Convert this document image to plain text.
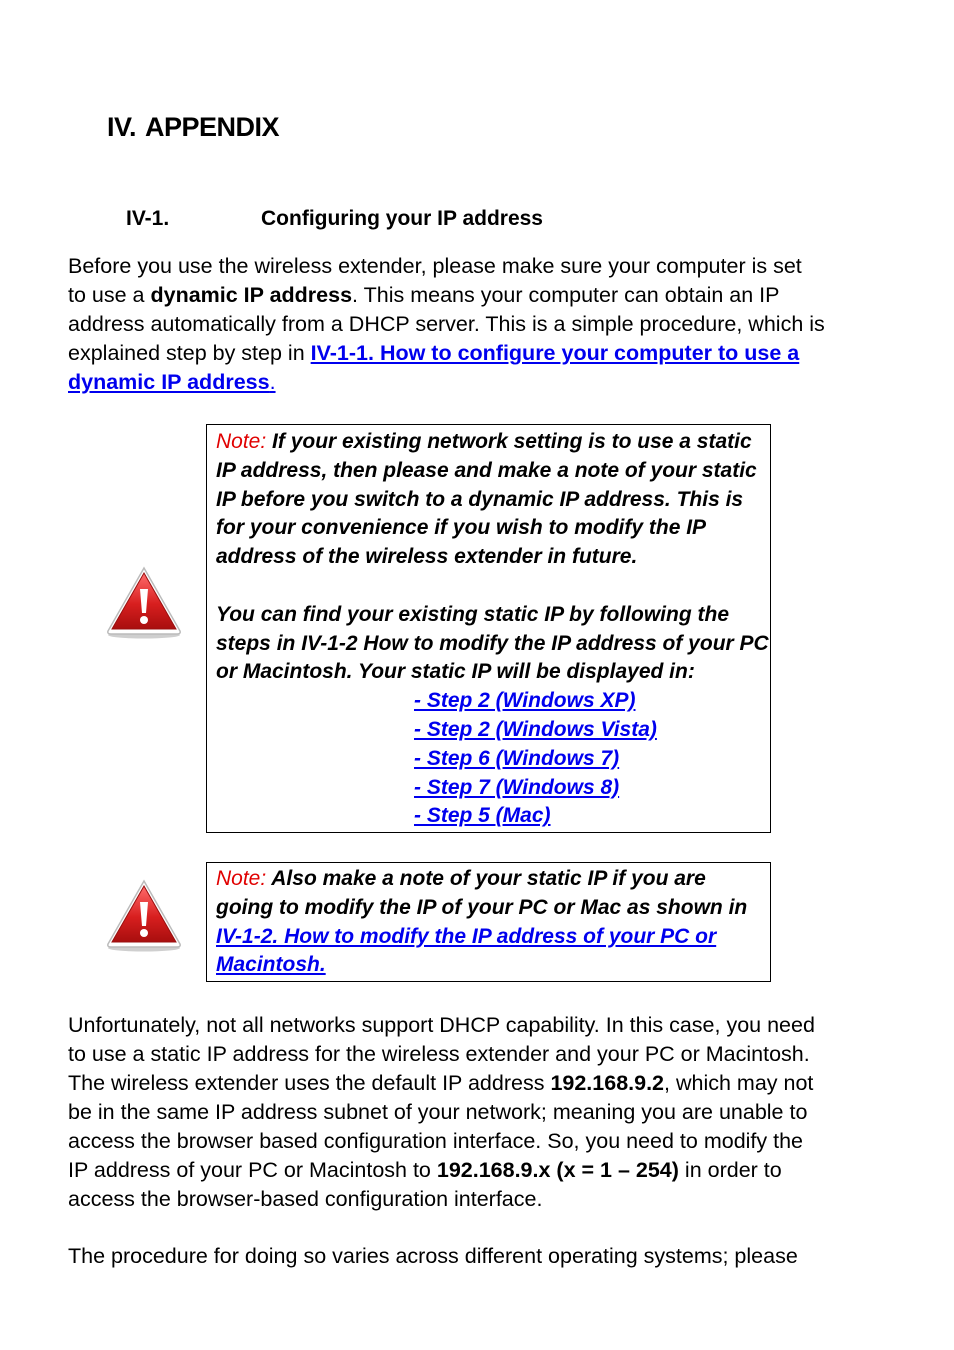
IV. APPENDIX
IV-1.	Configuring your IP address
Before you use the wireless extender, please make sure your computer is set
to use a dynamic IP address. This means your computer can obtain an IP
address automatically from a DHCP server. This is a simple procedure, which is
explained step by step in IV-1-1. How to configure your computer to use a
dynamic IP address.
Note: If your existing network setting is to use a static
IP address, then please and make a note of your static
IP before you switch to a dynamic IP address. This is
for your convenience if you wish to modify the IP
address of the wireless extender in future.
You can find your existing static IP by following the
steps in IV-1-2 How to modify the IP address of your PC
or Macintosh. Your static IP will be displayed in:
- Step 2 (Windows XP)
- Step 2 (Windows Vista)
- Step 6 (Windows 7)
- Step 7 (Windows 8)
- Step 5 (Mac)
Note: Also make a note of your static IP if you are
going to modify the IP of your PC or Mac as shown in
IV-1-2. How to modify the IP address of your PC or
Macintosh.
Unfortunately, not all networks support DHCP capability. In this case, you need
to use a static IP address for the wireless extender and your PC or Macintosh.
The wireless extender uses the default IP address 192.168.9.2, which may not
be in the same IP address subnet of your network; meaning you are unable to
access the browser based configuration interface. So, you need to modify the
IP address of your PC or Macintosh to 192.168.9.x (x = 1 – 254) in order to
access the browser-based configuration interface.
The procedure for doing so varies across different operating systems; please
